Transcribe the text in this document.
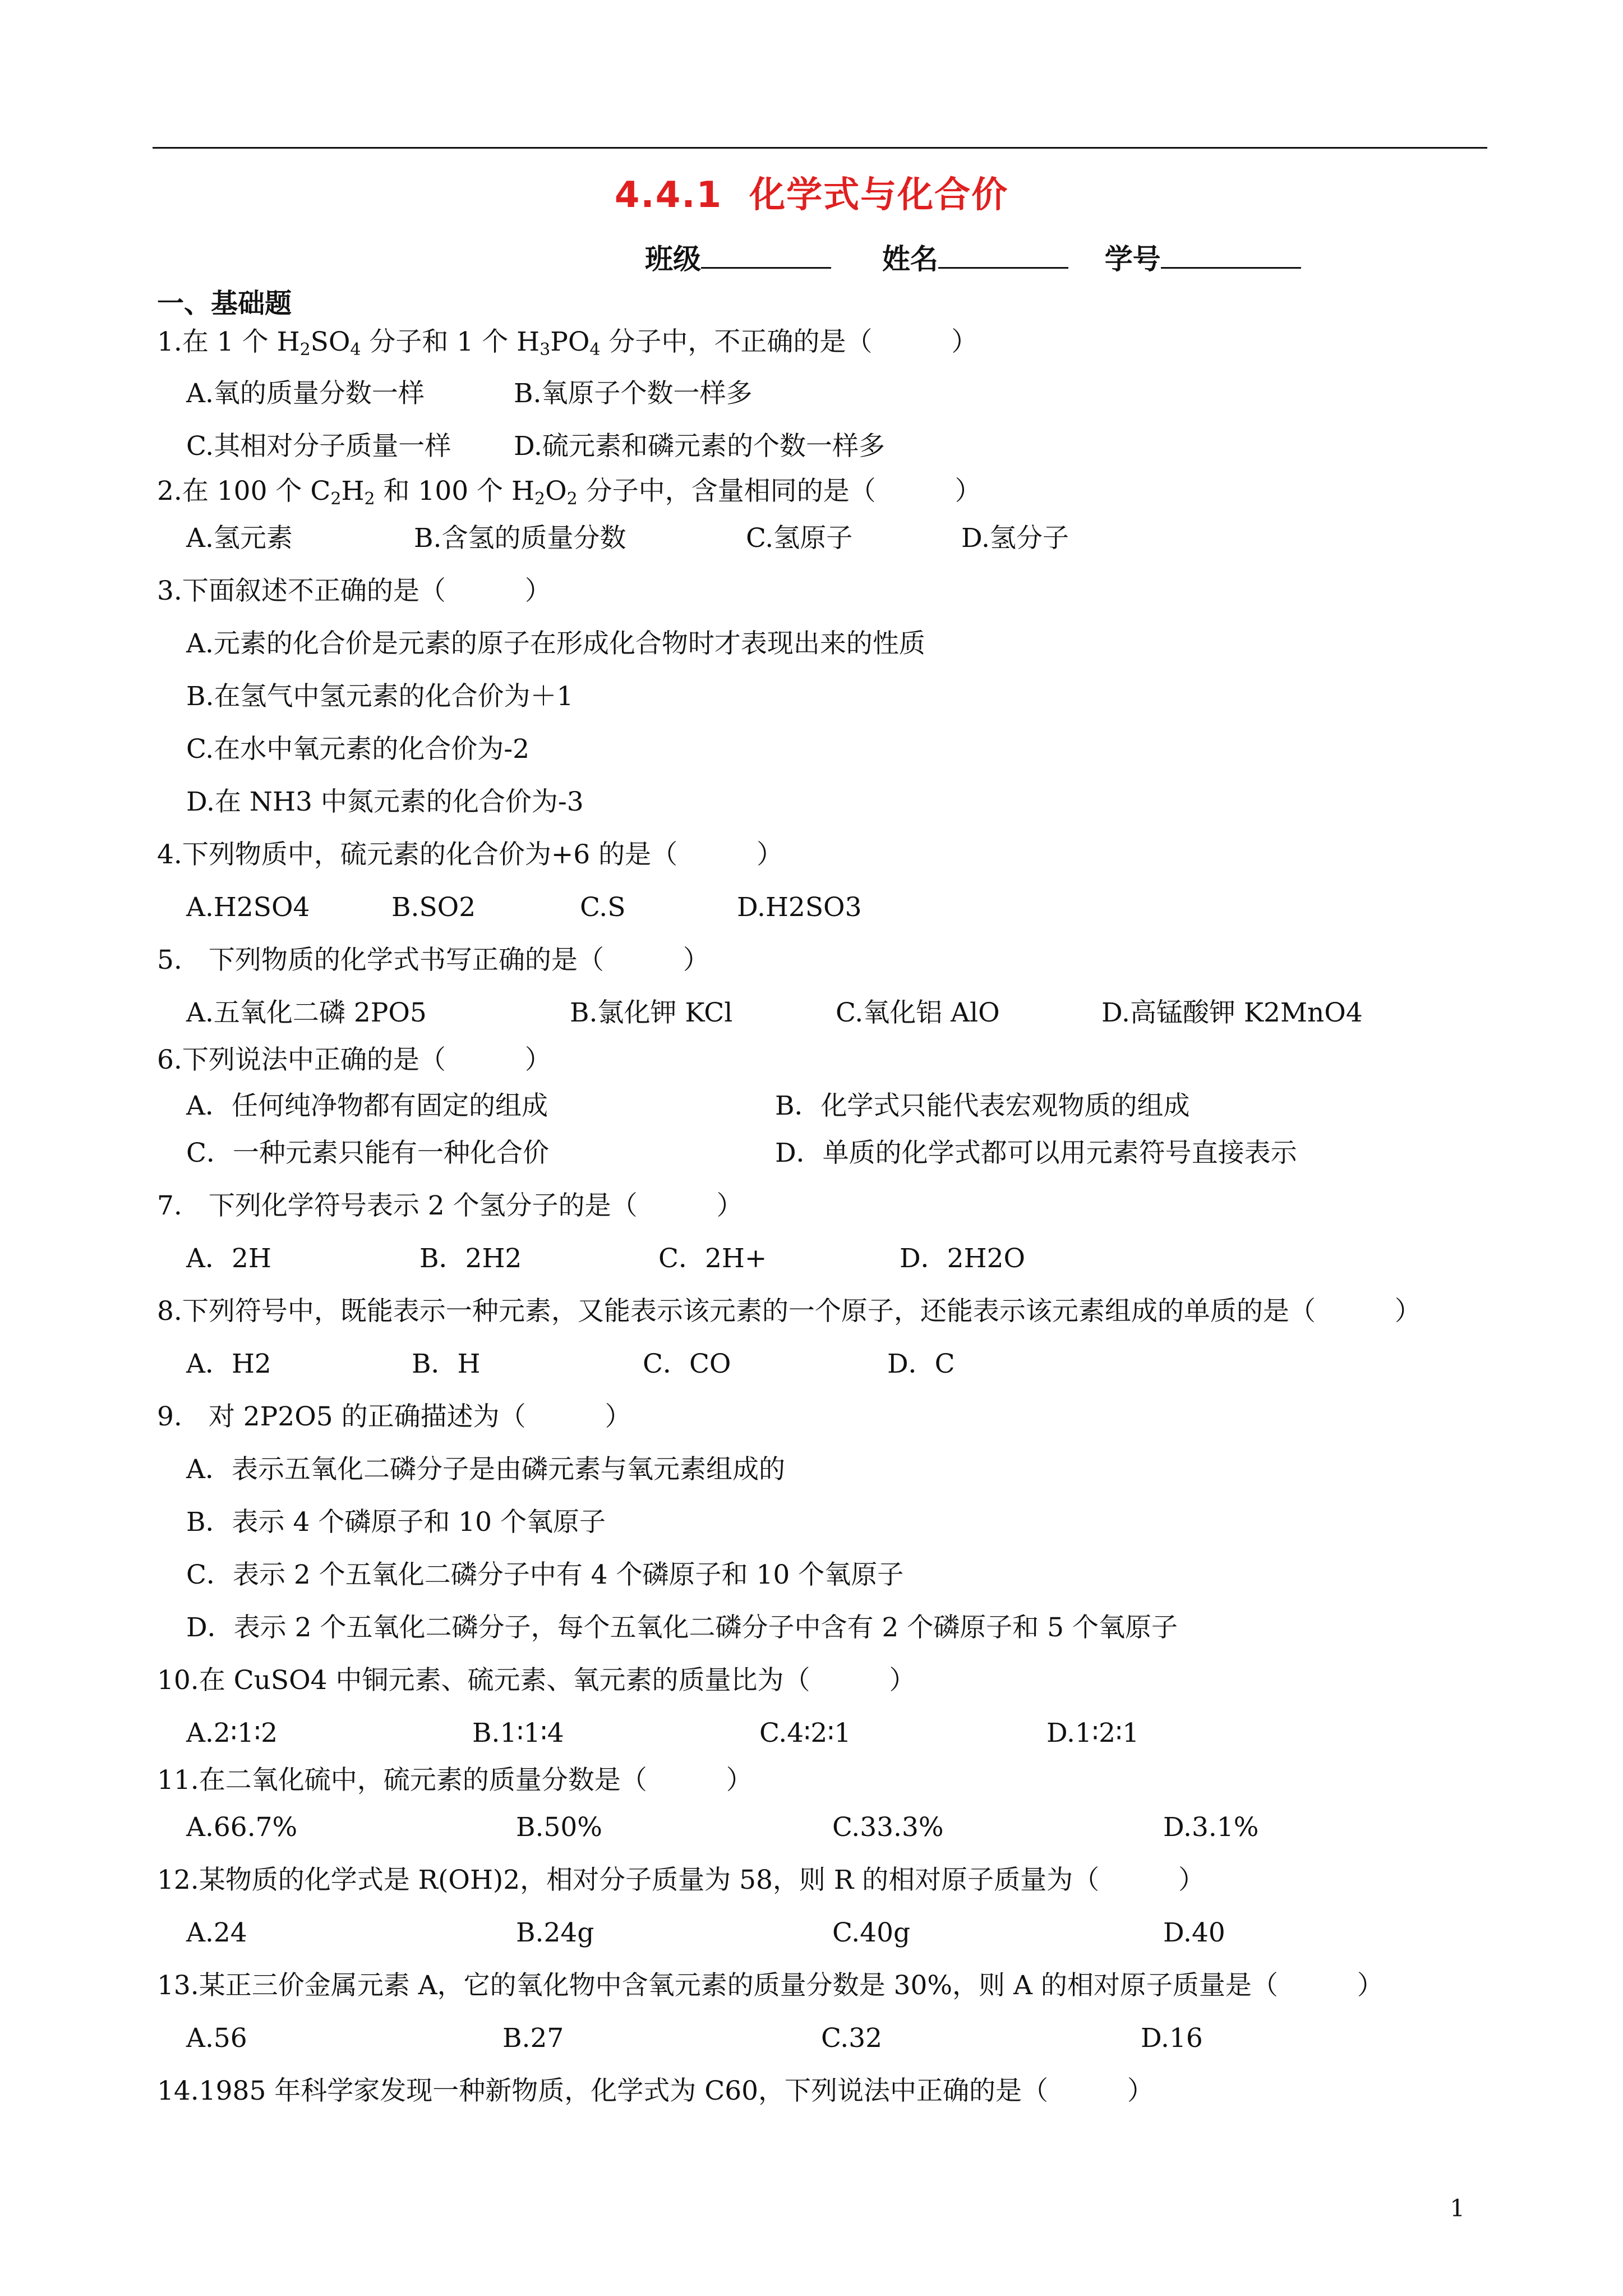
4.4.1 化学式与化合价
班级	姓名	学号
一、基础题
1.在 1 个 $H_2SO_4$ 分子和 1 个 $H_3PO_4$ 分子中，不正确的是（　　　）
A.氧的质量分数一样	B.氧原子个数一样多
C.其相对分子质量一样	D.硫元素和磷元素的个数一样多
2.在 100 个 $C_2H_2$ 和 100 个 $H_2O_2$ 分子中，含量相同的是（　　　）
A.氢元素	B.含氢的质量分数	C.氢原子	D.氢分子
3.下面叙述不正确的是（　　　）
A.元素的化合价是元素的原子在形成化合物时才表现出来的性质
B.在氢气中氢元素的化合价为＋1
C.在水中氧元素的化合价为-2
D.在 NH3 中氮元素的化合价为-3
4.下列物质中，硫元素的化合价为+6 的是（　　　）
A.H2SO4	B.SO2	C.S	D.H2SO3
5.　下列物质的化学式书写正确的是（　　　）
A.五氧化二磷 2PO5	B.氯化钾 KCl	C.氧化铝 AlO	D.高锰酸钾 K2MnO4
6.下列说法中正确的是（　　　）
A．任何纯净物都有固定的组成	B．化学式只能代表宏观物质的组成
C．一种元素只能有一种化合价	D．单质的化学式都可以用元素符号直接表示
7.　下列化学符号表示 2 个氢分子的是（　　　）
A．2H	B．2H2	C．2H+	D．2H2O
8.下列符号中，既能表示一种元素，又能表示该元素的一个原子，还能表示该元素组成的单质的是（　　　）
A．H2	B．H	C．CO	D．C
9.　对 2P2O5 的正确描述为（　　　）
A．表示五氧化二磷分子是由磷元素与氧元素组成的
B．表示 4 个磷原子和 10 个氧原子
C．表示 2 个五氧化二磷分子中有 4 个磷原子和 10 个氧原子
D．表示 2 个五氧化二磷分子，每个五氧化二磷分子中含有 2 个磷原子和 5 个氧原子
10.在 CuSO4 中铜元素、硫元素、氧元素的质量比为（　　　）
A.2∶1∶2	B.1∶1∶4	C.4∶2∶1	D.1∶2∶1
11.在二氧化硫中，硫元素的质量分数是（　　　）
A.66.7%	B.50%	C.33.3%	D.3.1%
12.某物质的化学式是 R(OH)2，相对分子质量为 58，则 R 的相对原子质量为（　　　）
A.24	B.24g	C.40g	D.40
13.某正三价金属元素 A，它的氧化物中含氧元素的质量分数是 30%，则 A 的相对原子质量是（　　　）
A.56	B.27	C.32	D.16
14.1985 年科学家发现一种新物质，化学式为 C60，下列说法中正确的是（　　　）
1
